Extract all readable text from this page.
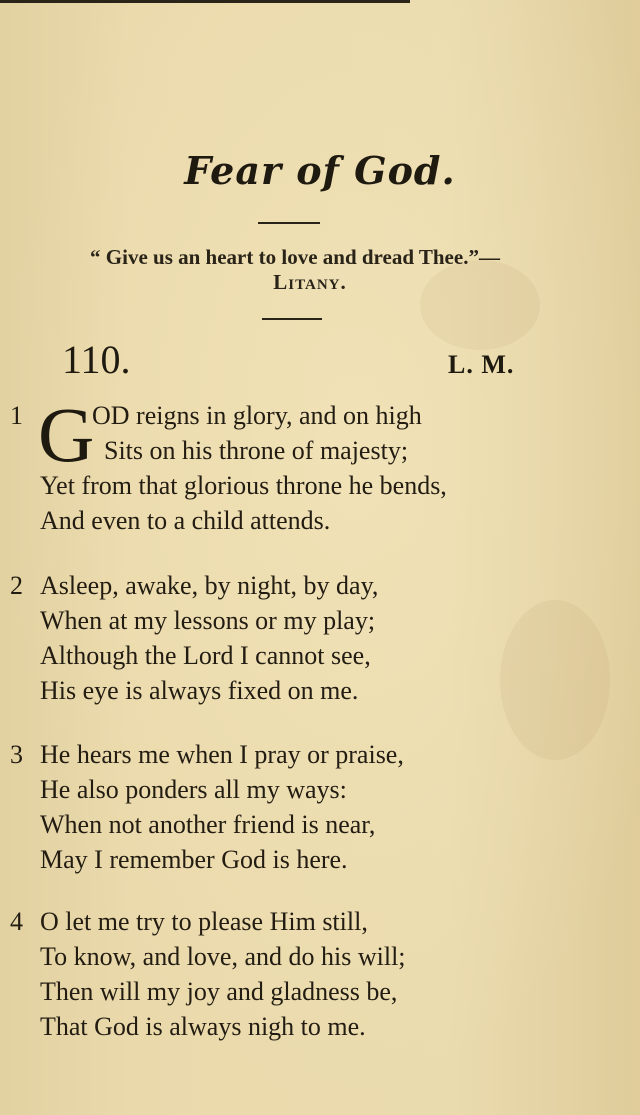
Fear of God.
“ Give us an heart to love and dread Thee.”—
Litany.
110.	L. M.
1 G
OD reigns in glory, and on high
Sits on his throne of majesty;
Yet from that glorious throne he bends,
And even to a child attends.
2 Asleep, awake, by night, by day,
When at my lessons or my play;
Although the Lord I cannot see,
His eye is always fixed on me.
3 He hears me when I pray or praise,
He also ponders all my ways:
When not another friend is near,
May I remember God is here.
4 O let me try to please Him still,
To know, and love, and do his will;
Then will my joy and gladness be,
That God is always nigh to me.
